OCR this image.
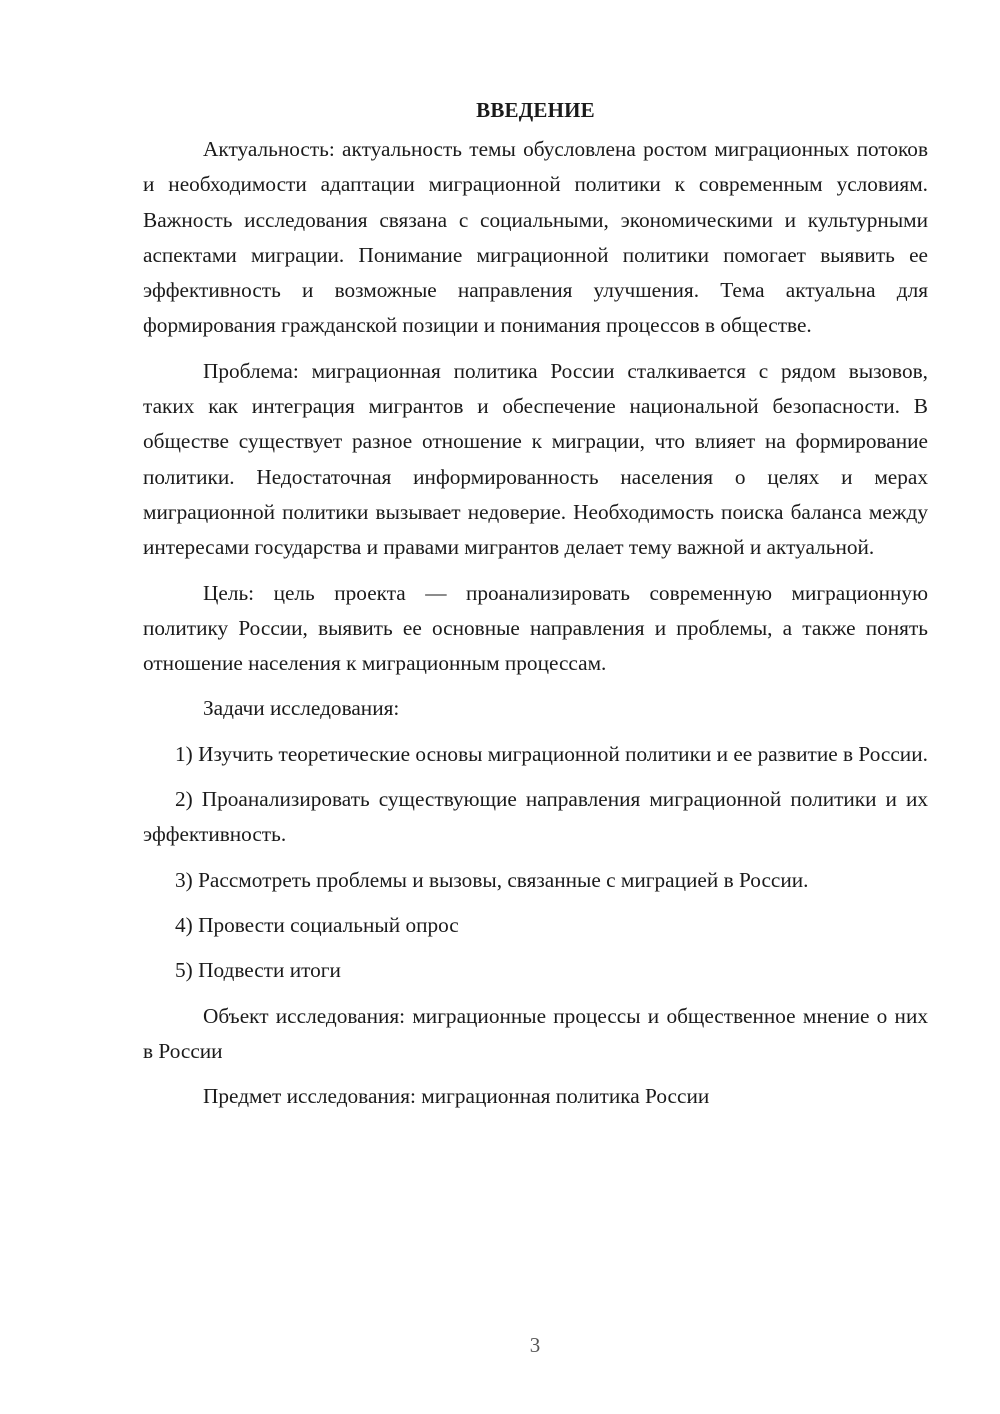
ВВЕДЕНИЕ

Актуальность: актуальность темы обусловлена ростом миграционных потоков и необходимости адаптации миграционной политики к современным условиям. Важность исследования связана с социальными, экономическими и культурными аспектами миграции. Понимание миграционной политики помогает выявить ее эффективность и возможные направления улучшения. Тема актуальна для формирования гражданской позиции и понимания процессов в обществе.

Проблема: миграционная политика России сталкивается с рядом вызовов, таких как интеграция мигрантов и обеспечение национальной безопасности. В обществе существует разное отношение к миграции, что влияет на формирование политики. Недостаточная информированность населения о целях и мерах миграционной политики вызывает недоверие. Необходимость поиска баланса между интересами государства и правами мигрантов делает тему важной и актуальной.

Цель: цель проекта — проанализировать современную миграционную политику России, выявить ее основные направления и проблемы, а также понять отношение населения к миграционным процессам.

Задачи исследования:

1) Изучить теоретические основы миграционной политики и ее развитие в России.

2) Проанализировать существующие направления миграционной политики и их эффективность.

3) Рассмотреть проблемы и вызовы, связанные с миграцией в России.

4) Провести социальный опрос

5) Подвести итоги

Объект исследования: миграционные процессы и общественное мнение о них в России

Предмет исследования: миграционная политика России

3
